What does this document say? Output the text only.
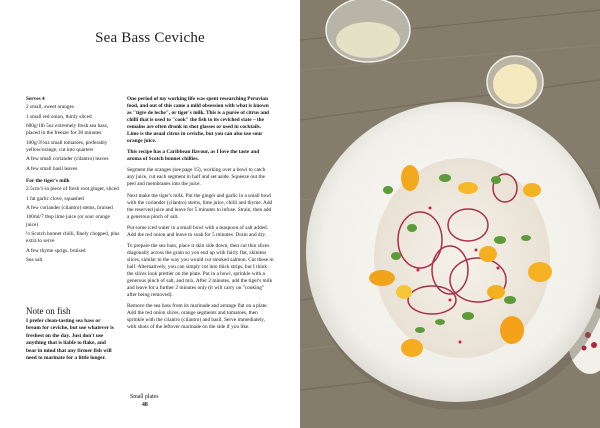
Sea Bass Ceviche
Serves 4
2 small, sweet oranges
1 small red onion, thinly sliced
600g/1lb 5oz extremely fresh sea bass, placed in the freezer for 30 minutes
100g/3½oz small tomatoes, preferably yellow/orange, cut into quarters
A few small coriander (cilantro) leaves
A few small basil leaves
For the tiger's milk
2.5cm/1-in piece of fresh root ginger, sliced
1 fat garlic clove, squashed
A few coriander (cilantro) stems, bruised
100ml/7 tbsp lime juice (or sour orange juice)
½ Scotch bonnet chilli, finely chopped, plus extra to serve
A few thyme sprigs, bruised
Sea salt
Note on fish
I prefer clean-tasting sea bass or bream for ceviche, but use whatever is freshest on the day. Just don't use anything that is liable to flake, and bear in mind that any firmer fish will need to marinate for a little longer.

One period of my working life was spent researching Peruvian food, and out of this came a mild obsession with what is known as "tigre de leche", or tiger's milk. This is a purée of citrus and chilli that is used to "cook" the fish to its ceviched state – the remains are often drunk in shot glasses or used in cocktails. Lime is the usual citrus in ceviche, but you can also use sour orange juice.

This recipe has a Caribbean flavour, as I love the taste and aroma of Scotch bonnet chillies.

Segment the oranges (see page 15), working over a bowl to catch any juice, cut each segment in half and set aside. Squeeze out the peel and membranes into the juice.

Next make the tiger's milk. Put the ginger and garlic in a small bowl with the coriander (cilantro) stems, lime juice, chilli and thyme. Add the reserved juice and leave for 5 minutes to infuse. Strain, then add a generous pinch of salt.

Put some iced water in a small bowl with a teaspoon of salt added. Add the red onion and leave to soak for 5 minutes. Drain and dry.

To prepare the sea bass, place it skin side down, then cut thin slices diagonally across the grain so you end up with fairly flat, skinless slices, similar to the way you would cut smoked salmon. Cut these in half. Alternatively, you can simply cut into thick strips, but I think the slices look prettier on the plate. Put in a bowl, sprinkle with a generous pinch of salt, and mix. After 2 minutes, add the tiger's milk and leave for a further 2 minutes only (it will carry on "cooking" after being removed).

Remove the sea bass from its marinade and arrange flat on a plate. Add the red onion slices, orange segments and tomatoes, then sprinkle with the cilantro (cilantro) and basil. Serve immediately, with shots of the leftover marinade on the side if you like.

Small plates
48
